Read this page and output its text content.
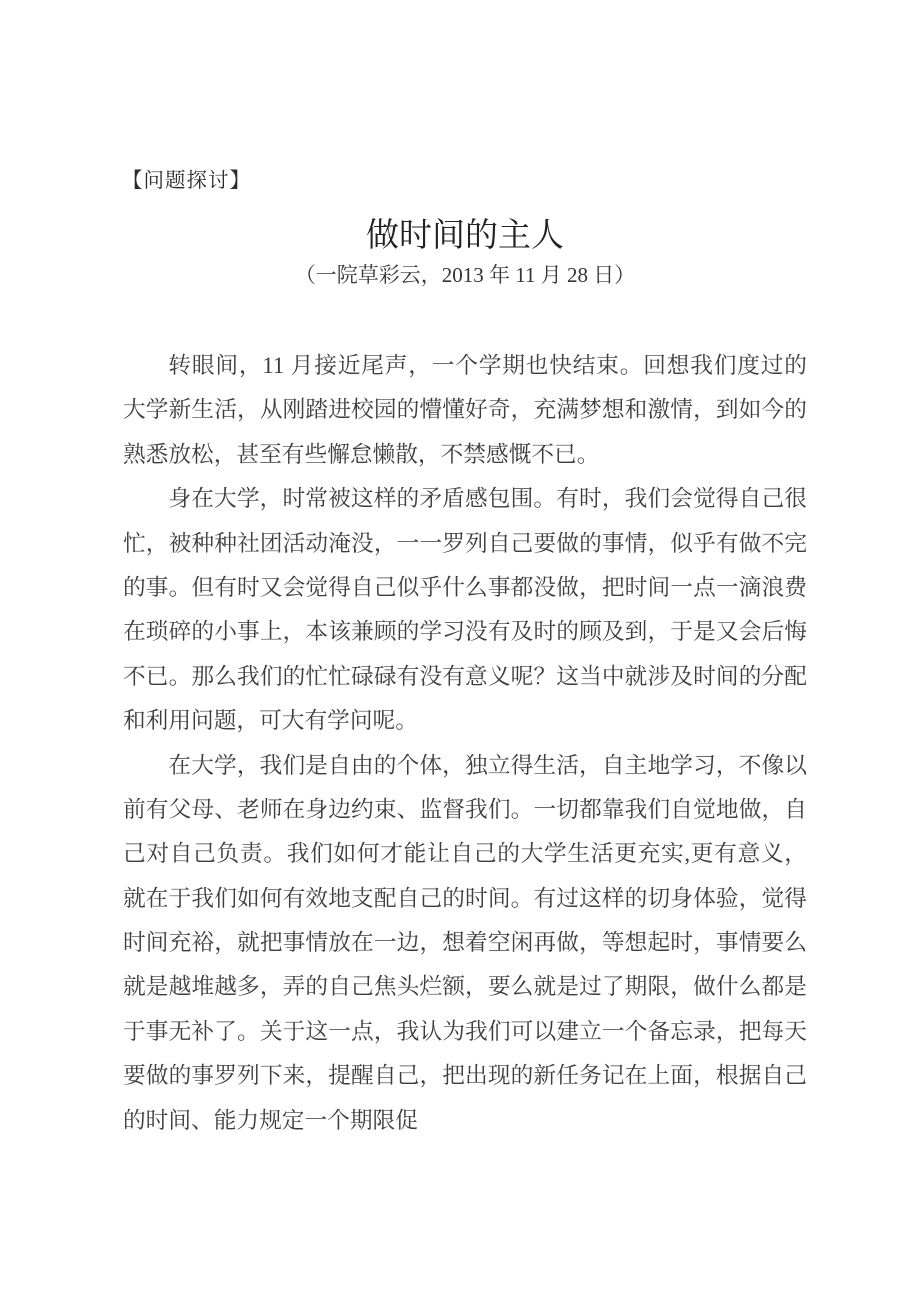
【问题探讨】
做时间的主人
（一院草彩云，2013 年 11 月 28 日）
转眼间，11 月接近尾声，一个学期也快结束。回想我们度过的
大学新生活，从刚踏进校园的懵懂好奇，充满梦想和激情，到如今的
熟悉放松，甚至有些懈怠懒散，不禁感慨不已。
身在大学，时常被这样的矛盾感包围。有时，我们会觉得自己很
忙，被种种社团活动淹没，一一罗列自己要做的事情，似乎有做不完
的事。但有时又会觉得自己似乎什么事都没做，把时间一点一滴浪费
在琐碎的小事上，本该兼顾的学习没有及时的顾及到，于是又会后悔
不已。那么我们的忙忙碌碌有没有意义呢？这当中就涉及时间的分配
和利用问题，可大有学问呢。
在大学，我们是自由的个体，独立得生活，自主地学习，不像以
前有父母、老师在身边约束、监督我们。一切都靠我们自觉地做，自
己对自己负责。我们如何才能让自己的大学生活更充实,更有意义，
就在于我们如何有效地支配自己的时间。有过这样的切身体验，觉得
时间充裕，就把事情放在一边，想着空闲再做，等想起时，事情要么
就是越堆越多，弄的自己焦头烂额，要么就是过了期限，做什么都是
于事无补了。关于这一点，我认为我们可以建立一个备忘录，把每天
要做的事罗列下来，提醒自己，把出现的新任务记在上面，根据自己
的时间、能力规定一个期限促
